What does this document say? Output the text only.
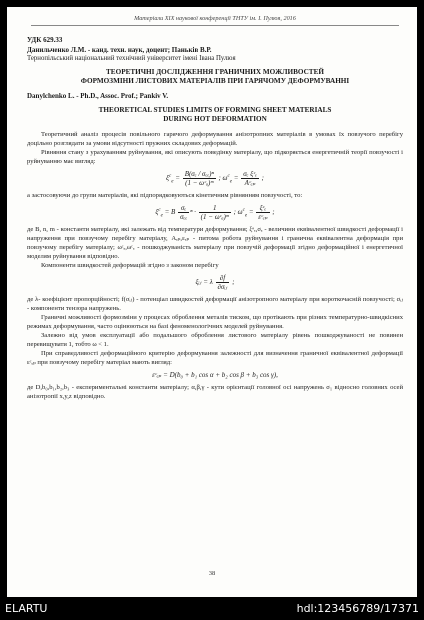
Матеріали ХІХ наукової конференції ТНТУ ім. І. Пулюя, 2016
УДК 629.33
Данильченко Л.М. - канд. техн. наук, доцент; Паньків В.Р.
Тернопільський національний технічний університет імені Івана Пулюя
ТЕОРЕТИЧНІ ДОСЛІДЖЕННЯ ГРАНИЧНИХ МОЖЛИВОСТЕЙ
ФОРМОЗМІНИ ЛИСТОВИХ МАТЕРІАЛІВ ПРИ ГАРЯЧОМУ ДЕФОРМУВАННІ
Danylchenko L. - Ph.D., Assoc. Prof.; Pankiv V.
THEORETICAL STUDIES LIMITS OF FORMING SHEET MATERIALS
DURING HOT DEFORMATION

Теоретичний аналіз процесів повільного гарячого деформування анізотропних матеріалів в умовах їх повзучого перебігу доцільно розглядати за умови відсутності пружних складових деформацій.

Рівняння стану з урахуванням руйнування, які описують поведінку матеріалу, що підкоряється енергетичній теорії повзучості і руйнуванню має вигляд:

$\xi^c_e = \frac{\text{B(σₑ / σₑₑ)ⁿ}}{\text{(1 − ωᶜₐ)ᵐ}}$ ; $\omega^c_e = \frac{\text{σₑ ξᶜₑ}}{\text{Aᶜₑₚ}}$ ;

а застосовуючи до групи матеріалів, які підпорядковуються кінетичним рівнянням повзучості, то:

$\xi^c_e = B \frac{\text{σₑ}}{\text{σₑₑ}}$ $^n \cdot \frac{1}{\text{(1 − ωᶜₐ)ᵐ}}$ ; $\omega^c_e = \frac{\text{ξᶜₑ}}{\text{εᶜₑₚ}}$ ;

де B, n, m - константи матеріалу, які залежать від температури деформування; ξᵉₑ,σₑ - величини еквівалентної швидкості деформації і напруження при повзучому перебігу матеріалу, Aₑₚ,εₑₚ - питома робота руйнування і гранична еквівалентна деформація при повзучому перебігу матеріалу; ωᶜₐ,ωᶜₑ - пошкоджуваність матеріалу при повзучій деформації згідно деформаційної і енергетичної моделям руйнування відповідно.

Компоненти швидкостей деформацій згідно з законом перебігу

ξᵢⱼ = λ $\frac{\partial f}{\text{∂σᵢⱼ}}$ ;

де λ- коефіцієнт пропорційності; f(σᵢⱼ) - потенціал швидкостей деформації анізотропного матеріалу при короткочасній повзучості; σᵢⱼ - компоненти тензора напружень.

Граничні можливості формозміни у процесах оброблення металів тиском, що протікають при різних температурно-швидкісних режимах деформування, часто оцінюються на базі феноменологічних моделей руйнування.

Залежно від умов експлуатації або подальшого оброблення листового матеріалу рівень пошкоджуваності не повинен перевищувати 1, тобто ω < 1.

При справедливості деформаційного критерію деформування залежності для визначення граничної еквівалентної деформації εᶜₑₚ при повзучому перебігу матеріал мають вигляд:

εᶜₑₚ = D(b₀ + b₁ cos α + b₂ cos β + b₃ cos γ),

де D,b₀,b₁,b₂,b₃ - експериментальні константи матеріалу; α,β,γ - кути орієнтації головної осі напружень σ₁ відносно головних осей анізотропії x,y,z відповідно.

38
ELARTU	hdl:123456789/17371
